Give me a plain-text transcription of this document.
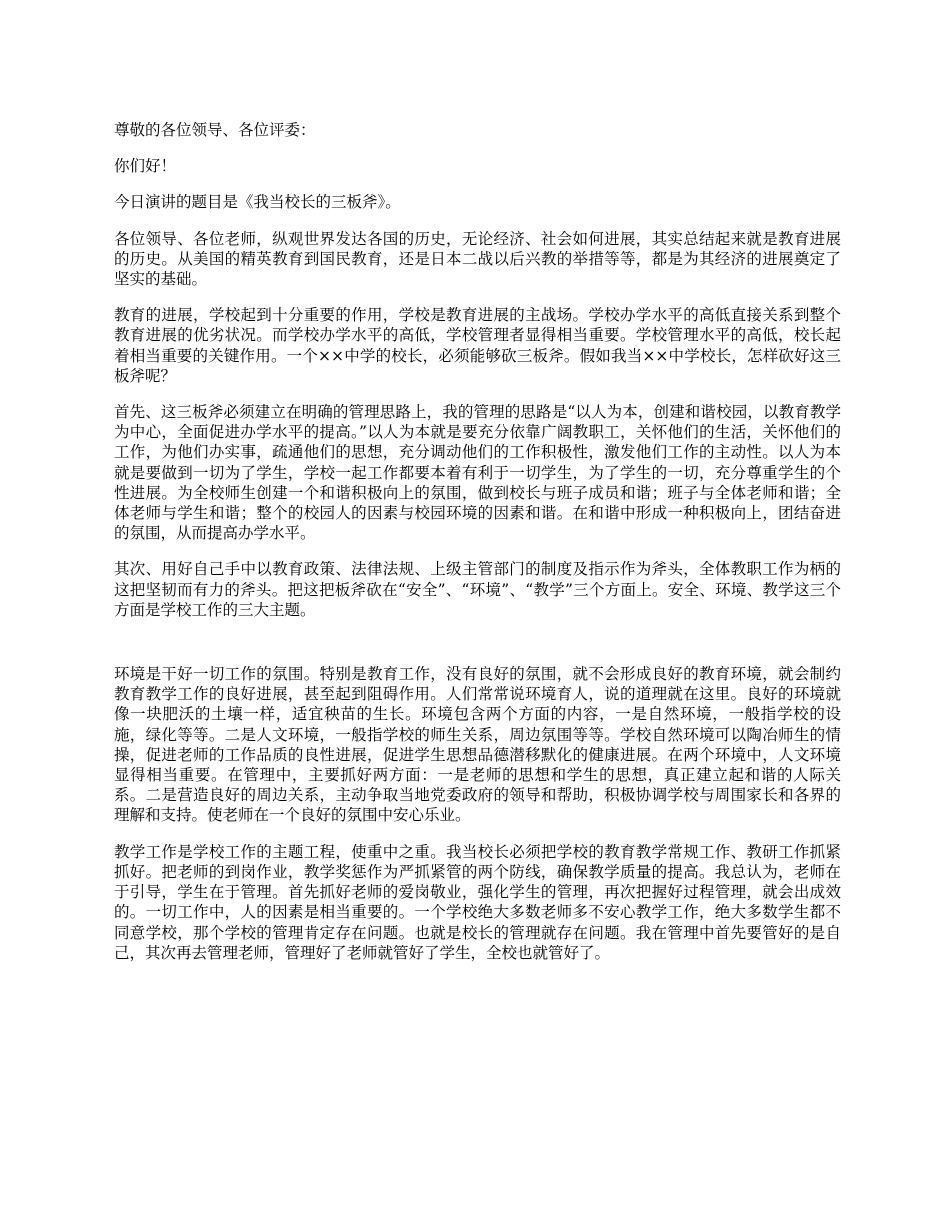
尊敬的各位领导、各位评委：

你们好！

今日演讲的题目是《我当校长的三板斧》。

各位领导、各位老师，纵观世界发达各国的历史，无论经济、社会如何进展，其实总结起来就是教育进展的历史。从美国的精英教育到国民教育，还是日本二战以后兴教的举措等等，都是为其经济的进展奠定了坚实的基础。

教育的进展，学校起到十分重要的作用，学校是教育进展的主战场。学校办学水平的高低直接关系到整个教育进展的优劣状况。而学校办学水平的高低，学校管理者显得相当重要。学校管理水平的高低，校长起着相当重要的关键作用。一个××中学的校长，必须能够砍三板斧。假如我当××中学校长，怎样砍好这三板斧呢？

首先、这三板斧必须建立在明确的管理思路上，我的管理的思路是“以人为本，创建和谐校园，以教育教学为中心，全面促进办学水平的提高。”以人为本就是要充分依靠广阔教职工，关怀他们的生活，关怀他们的工作，为他们办实事，疏通他们的思想，充分调动他们的工作积极性，激发他们工作的主动性。以人为本就是要做到一切为了学生，学校一起工作都要本着有利于一切学生，为了学生的一切，充分尊重学生的个性进展。为全校师生创建一个和谐积极向上的氛围，做到校长与班子成员和谐；班子与全体老师和谐；全体老师与学生和谐；整个的校园人的因素与校园环境的因素和谐。在和谐中形成一种积极向上，团结奋进的氛围，从而提高办学水平。

其次、用好自己手中以教育政策、法律法规、上级主管部门的制度及指示作为斧头，全体教职工作为柄的这把坚韧而有力的斧头。把这把板斧砍在“安全”、“环境”、“教学”三个方面上。安全、环境、教学这三个方面是学校工作的三大主题。

环境是干好一切工作的氛围。特别是教育工作，没有良好的氛围，就不会形成良好的教育环境，就会制约教育教学工作的良好进展，甚至起到阻碍作用。人们常常说环境育人，说的道理就在这里。良好的环境就像一块肥沃的土壤一样，适宜秧苗的生长。环境包含两个方面的内容，一是自然环境，一般指学校的设施，绿化等等。二是人文环境，一般指学校的师生关系，周边氛围等等。学校自然环境可以陶冶师生的情操，促进老师的工作品质的良性进展，促进学生思想品德潜移默化的健康进展。在两个环境中，人文环境显得相当重要。在管理中，主要抓好两方面：一是老师的思想和学生的思想，真正建立起和谐的人际关系。二是营造良好的周边关系，主动争取当地党委政府的领导和帮助，积极协调学校与周围家长和各界的理解和支持。使老师在一个良好的氛围中安心乐业。

教学工作是学校工作的主题工程，使重中之重。我当校长必须把学校的教育教学常规工作、教研工作抓紧抓好。把老师的到岗作业，教学奖惩作为严抓紧管的两个防线，确保教学质量的提高。我总认为，老师在于引导，学生在于管理。首先抓好老师的爱岗敬业，强化学生的管理，再次把握好过程管理，就会出成效的。一切工作中，人的因素是相当重要的。一个学校绝大多数老师多不安心教学工作，绝大多数学生都不同意学校，那个学校的管理肯定存在问题。也就是校长的管理就存在问题。我在管理中首先要管好的是自己，其次再去管理老师，管理好了老师就管好了学生，全校也就管好了。
